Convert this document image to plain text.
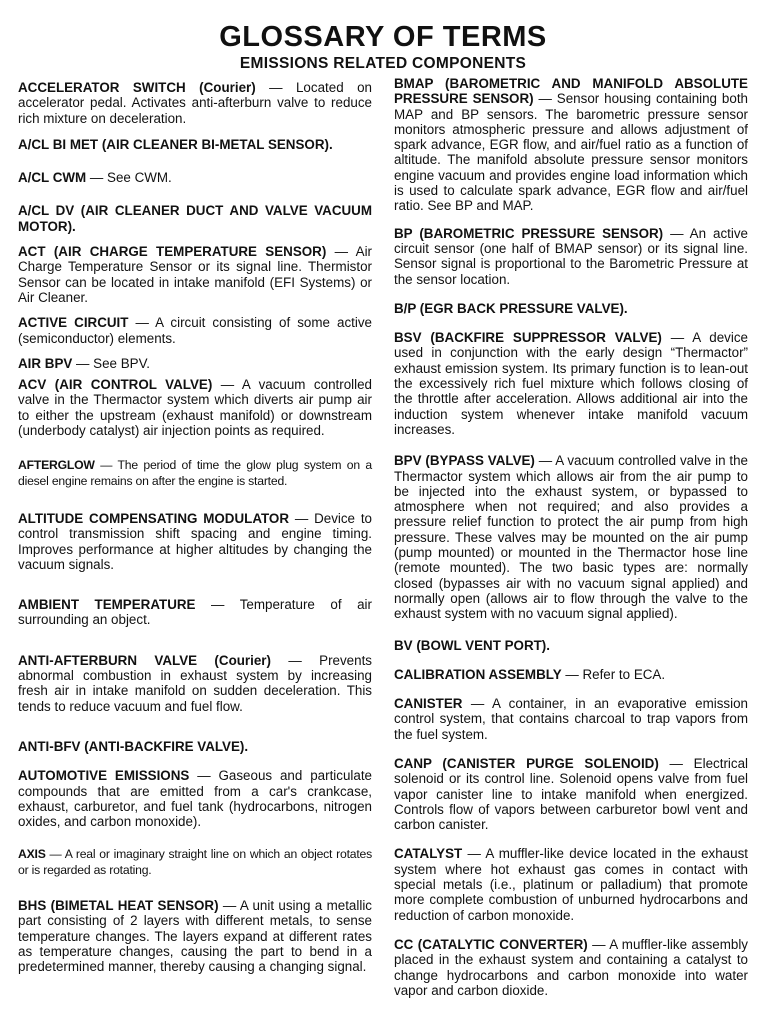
GLOSSARY OF TERMS
EMISSIONS RELATED COMPONENTS

ACCELERATOR SWITCH (Courier) — Located on accelerator pedal. Activates anti-afterburn valve to reduce rich mixture on deceleration.

A/CL BI MET (AIR CLEANER BI-METAL SENSOR).

A/CL CWM — See CWM.

A/CL DV (AIR CLEANER DUCT AND VALVE VACUUM MOTOR).

ACT (AIR CHARGE TEMPERATURE SENSOR) — Air Charge Temperature Sensor or its signal line. Thermistor Sensor can be located in intake manifold (EFI Systems) or Air Cleaner.

ACTIVE CIRCUIT — A circuit consisting of some active (semiconductor) elements.

AIR BPV — See BPV.

ACV (AIR CONTROL VALVE) — A vacuum controlled valve in the Thermactor system which diverts air pump air to either the upstream (exhaust manifold) or downstream (underbody catalyst) air injection points as required.

AFTERGLOW — The period of time the glow plug system on a diesel engine remains on after the engine is started.

ALTITUDE COMPENSATING MODULATOR — Device to control transmission shift spacing and engine timing. Improves performance at higher altitudes by changing the vacuum signals.

AMBIENT TEMPERATURE — Temperature of air surrounding an object.

ANTI-AFTERBURN VALVE (Courier) — Prevents abnormal combustion in exhaust system by increasing fresh air in intake manifold on sudden deceleration. This tends to reduce vacuum and fuel flow.

ANTI-BFV (ANTI-BACKFIRE VALVE).

AUTOMOTIVE EMISSIONS — Gaseous and particulate compounds that are emitted from a car's crankcase, exhaust, carburetor, and fuel tank (hydrocarbons, nitrogen oxides, and carbon monoxide).

AXIS — A real or imaginary straight line on which an object rotates or is regarded as rotating.

BHS (BIMETAL HEAT SENSOR) — A unit using a metallic part consisting of 2 layers with different metals, to sense temperature changes. The layers expand at different rates as temperature changes, causing the part to bend in a predetermined manner, thereby causing a changing signal.

BMAP (BAROMETRIC AND MANIFOLD ABSOLUTE PRESSURE SENSOR) — Sensor housing containing both MAP and BP sensors. The barometric pressure sensor monitors atmospheric pressure and allows adjustment of spark advance, EGR flow, and air/fuel ratio as a function of altitude. The manifold absolute pressure sensor monitors engine vacuum and provides engine load information which is used to calculate spark advance, EGR flow and air/fuel ratio. See BP and MAP.

BP (BAROMETRIC PRESSURE SENSOR) — An active circuit sensor (one half of BMAP sensor) or its signal line. Sensor signal is proportional to the Barometric Pressure at the sensor location.

B/P (EGR BACK PRESSURE VALVE).

BSV (BACKFIRE SUPPRESSOR VALVE) — A device used in conjunction with the early design “Thermactor” exhaust emission system. Its primary function is to lean-out the excessively rich fuel mixture which follows closing of the throttle after acceleration. Allows additional air into the induction system whenever intake manifold vacuum increases.

BPV (BYPASS VALVE) — A vacuum controlled valve in the Thermactor system which allows air from the air pump to be injected into the exhaust system, or bypassed to atmosphere when not required; and also provides a pressure relief function to protect the air pump from high pressure. These valves may be mounted on the air pump (pump mounted) or mounted in the Thermactor hose line (remote mounted). The two basic types are: normally closed (bypasses air with no vacuum signal applied) and normally open (allows air to flow through the valve to the exhaust system with no vacuum signal applied).

BV (BOWL VENT PORT).

CALIBRATION ASSEMBLY — Refer to ECA.

CANISTER — A container, in an evaporative emission control system, that contains charcoal to trap vapors from the fuel system.

CANP (CANISTER PURGE SOLENOID) — Electrical solenoid or its control line. Solenoid opens valve from fuel vapor canister line to intake manifold when energized. Controls flow of vapors between carburetor bowl vent and carbon canister.

CATALYST — A muffler-like device located in the exhaust system where hot exhaust gas comes in contact with special metals (i.e., platinum or palladium) that promote more complete combustion of unburned hydrocarbons and reduction of carbon monoxide.

CC (CATALYTIC CONVERTER) — A muffler-like assembly placed in the exhaust system and containing a catalyst to change hydrocarbons and carbon monoxide into water vapor and carbon dioxide.
